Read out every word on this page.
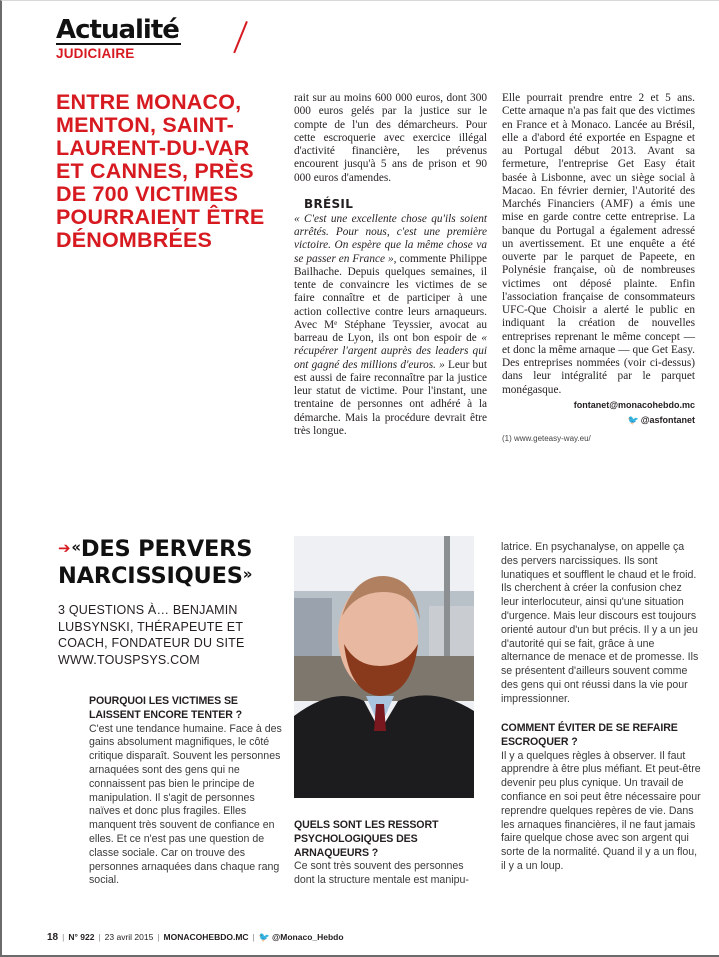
Actualité
JUDICIAIRE
ENTRE MONACO, MENTON, SAINT-LAURENT-DU-VAR ET CANNES, PRÈS DE 700 VICTIMES POURRAIENT ÊTRE DÉNOMBRÉES

rait sur au moins 600 000 euros, dont 300 000 euros gelés par la justice sur le compte de l'un des démarcheurs. Pour cette escroquerie avec exercice illégal d'activité financière, les prévenus encourent jusqu'à 5 ans de prison et 90 000 euros d'amendes.

BRÉSIL

« C'est une excellente chose qu'ils soient arrêtés. Pour nous, c'est une première victoire. On espère que la même chose va se passer en France », commente Philippe Bailhache. Depuis quelques semaines, il tente de convaincre les victimes de se faire connaître et de participer à une action collective contre leurs arnaqueurs. Avec Mᵉ Stéphane Teyssier, avocat au barreau de Lyon, ils ont bon espoir de « récupérer l'argent auprès des leaders qui ont gagné des millions d'euros. » Leur but est aussi de faire reconnaître par la justice leur statut de victime. Pour l'instant, une trentaine de personnes ont adhéré à la démarche. Mais la procédure devrait être très longue.

Elle pourrait prendre entre 2 et 5 ans. Cette arnaque n'a pas fait que des victimes en France et à Monaco. Lancée au Brésil, elle a d'abord été exportée en Espagne et au Portugal début 2013. Avant sa fermeture, l'entreprise Get Easy était basée à Lisbonne, avec un siège social à Macao. En février dernier, l'Autorité des Marchés Financiers (AMF) a émis une mise en garde contre cette entreprise. La banque du Portugal a également adressé un avertissement. Et une enquête a été ouverte par le parquet de Papeete, en Polynésie française, où de nombreuses victimes ont déposé plainte. Enfin l'association française de consommateurs UFC-Que Choisir a alerté le public en indiquant la création de nouvelles entreprises reprenant le même concept — et donc la même arnaque — que Get Easy. Des entreprises nommées (voir ci-dessus) dans leur intégralité par le parquet monégasque.

fontanet@monacohebdo.mc
🐦 @asfontanet
(1) www.geteasy-way.eu/
➔«DES PERVERS NARCISSIQUES»
3 QUESTIONS À… BENJAMIN LUBSYNSKI, THÉRAPEUTE ET COACH, FONDATEUR DU SITE WWW.TOUSPSYS.COM
POURQUOI LES VICTIMES SE LAISSENT ENCORE TENTER ?

C'est une tendance humaine. Face à des gains absolument magnifiques, le côté critique disparaît. Souvent les personnes arnaquées sont des gens qui ne connaissent pas bien le principe de manipulation. Il s'agit de personnes naïves et donc plus fragiles. Elles manquent très souvent de confiance en elles. Et ce n'est pas une question de classe sociale. Car on trouve des personnes arnaquées dans chaque rang social.

QUELS SONT LES RESSORT PSYCHOLOGIQUES DES ARNAQUEURS ?

Ce sont très souvent des personnes dont la structure mentale est manipu-

latrice. En psychanalyse, on appelle ça des pervers narcissiques. Ils sont lunatiques et soufflent le chaud et le froid. Ils cherchent à créer la confusion chez leur interlocuteur, ainsi qu'une situation d'urgence. Mais leur discours est toujours orienté autour d'un but précis. Il y a un jeu d'autorité qui se fait, grâce à une alternance de menace et de promesse. Ils se présentent d'ailleurs souvent comme des gens qui ont réussi dans la vie pour impressionner.

COMMENT ÉVITER DE SE REFAIRE ESCROQUER ?

Il y a quelques règles à observer. Il faut apprendre à être plus méfiant. Et peut-être devenir peu plus cynique. Un travail de confiance en soi peut être nécessaire pour reprendre quelques repères de vie. Dans les arnaques financières, il ne faut jamais faire quelque chose avec son argent qui sorte de la normalité. Quand il y a un flou, il y a un loup.

18 | N° 922 | 23 avril 2015 | MONACOHEBDO.MC | 🐦 @Monaco_Hebdo
